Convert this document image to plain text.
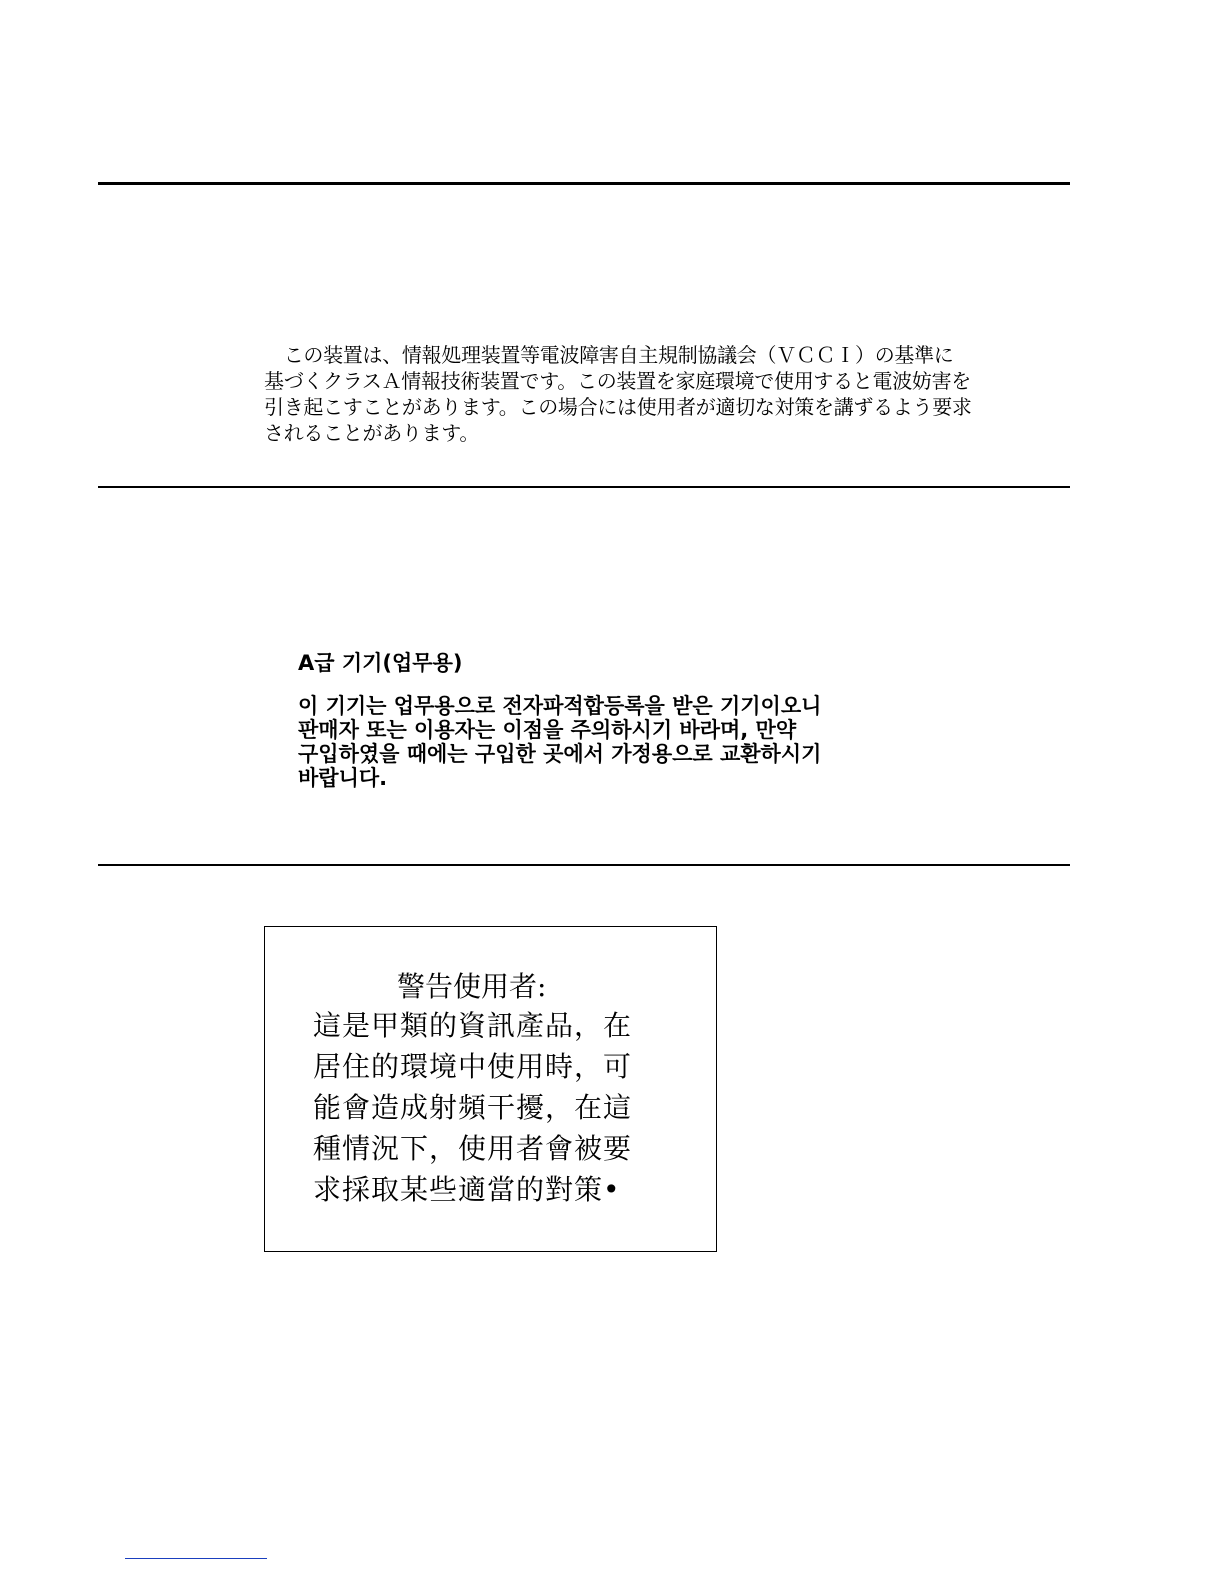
　この装置は、情報処理装置等電波障害自主規制協議会（ＶＣＣＩ）の基準に
基づくクラスＡ情報技術装置です。この装置を家庭環境で使用すると電波妨害を
引き起こすことがあります。この場合には使用者が適切な対策を講ずるよう要求
されることがあります。
A급 기기(업무용)
이 기기는 업무용으로 전자파적합등록을 받은 기기이오니
판매자 또는 이용자는 이점을 주의하시기 바라며, 만약
구입하였을 때에는 구입한 곳에서 가정용으로 교환하시기
바랍니다.
警告使用者:
這是甲類的資訊產品，在
居住的環境中使用時，可
能會造成射頻干擾，在這
種情況下，使用者會被要
求採取某些適當的對策•
